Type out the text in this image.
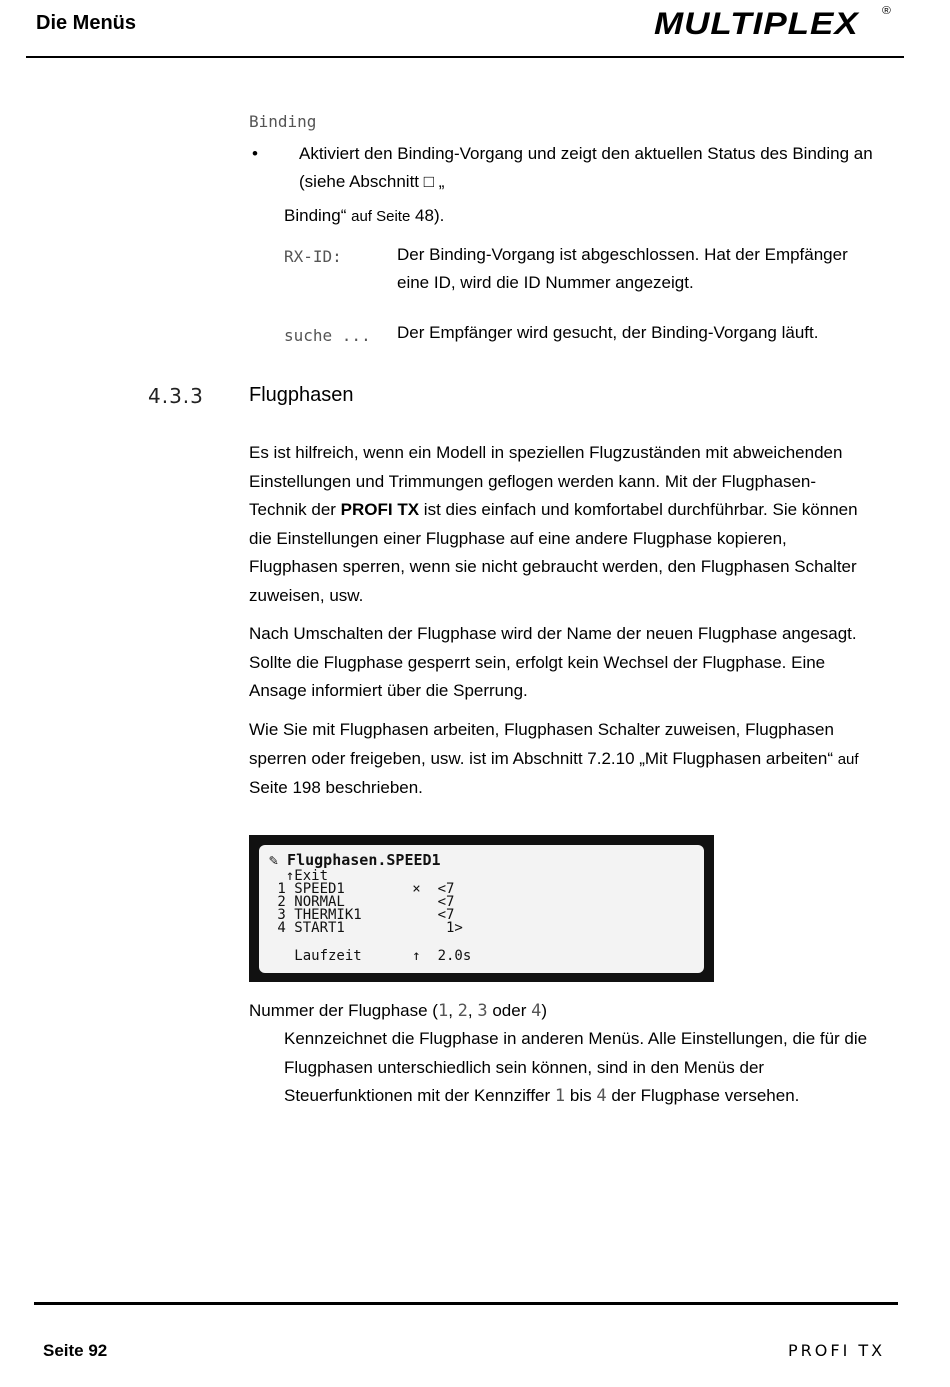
Die Menüs	MULTIPLEX ®
Binding
• Aktiviert den Binding-Vorgang und zeigt den aktuellen Status des Binding an
(siehe Abschnitt □ „
Binding“ auf Seite 48).
RX-ID:	Der Binding-Vorgang ist abgeschlossen. Hat der Empfänger
eine ID, wird die ID Nummer angezeigt.
suche ... Der Empfänger wird gesucht, der Binding-Vorgang läuft.
4.3.3 Flugphasen
Es ist hilfreich, wenn ein Modell in speziellen Flugzuständen mit abweichenden
Einstellungen und Trimmungen geflogen werden kann. Mit der Flugphasen-
Technik der PROFI TX ist dies einfach und komfortabel durchführbar. Sie können
die Einstellungen einer Flugphase auf eine andere Flugphase kopieren,
Flugphasen sperren, wenn sie nicht gebraucht werden, den Flugphasen Schalter
zuweisen, usw.
Nach Umschalten der Flugphase wird der Name der neuen Flugphase angesagt.
Sollte die Flugphase gesperrt sein, erfolgt kein Wechsel der Flugphase. Eine
Ansage informiert über die Sperrung.
Wie Sie mit Flugphasen arbeiten, Flugphasen Schalter zuweisen, Flugphasen
sperren oder freigeben, usw. ist im Abschnitt 7.2.10 „Mit Flugphasen arbeiten“ auf
Seite 198 beschrieben.
✎ Flugphasen.SPEED1
↑Exit
1 SPEED1        ×  <7
2 NORMAL           <7
3 THERMIK1         <7
4 START1            1>
Laufzeit      ↑  2.0s
Nummer der Flugphase (1, 2, 3 oder 4)
Kennzeichnet die Flugphase in anderen Menüs. Alle Einstellungen, die für die
Flugphasen unterschiedlich sein können, sind in den Menüs der
Steuerfunktionen mit der Kennziffer 1 bis 4 der Flugphase versehen.
Seite 92	PROFI TX
